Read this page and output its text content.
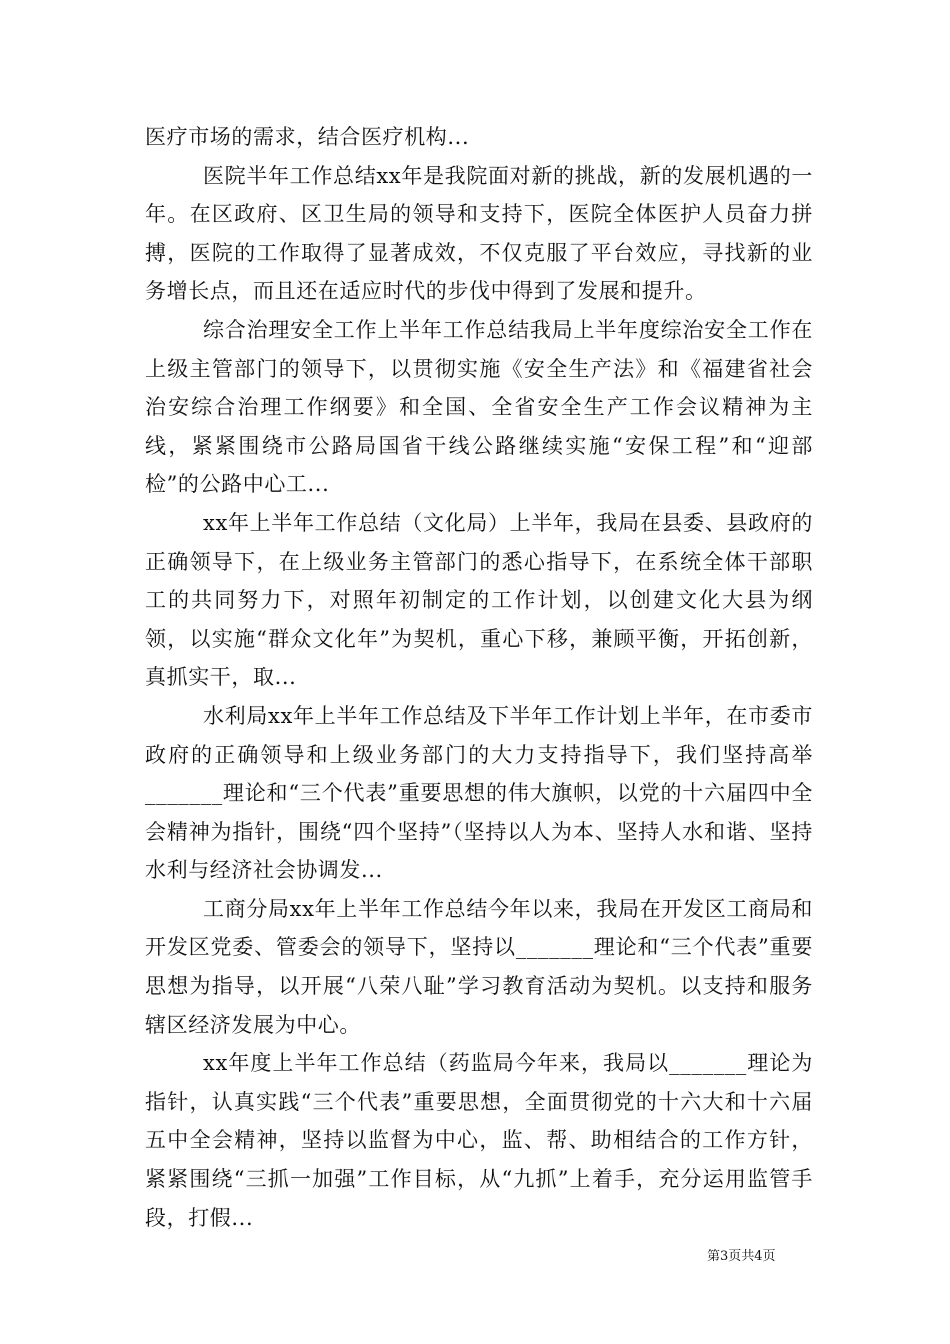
医疗市场的需求，结合医疗机构...

医院半年工作总结xx年是我院面对新的挑战，新的发展机遇的一年。在区政府、区卫生局的领导和支持下，医院全体医护人员奋力拼搏，医院的工作取得了显著成效，不仅克服了平台效应，寻找新的业务增长点，而且还在适应时代的步伐中得到了发展和提升。

综合治理安全工作上半年工作总结我局上半年度综治安全工作在上级主管部门的领导下，以贯彻实施《安全生产法》和《福建省社会治安综合治理工作纲要》和全国、全省安全生产工作会议精神为主线，紧紧围绕市公路局国省干线公路继续实施“安保工程”和“迎部检”的公路中心工...

xx年上半年工作总结（文化局）上半年，我局在县委、县政府的正确领导下，在上级业务主管部门的悉心指导下，在系统全体干部职工的共同努力下，对照年初制定的工作计划，以创建文化大县为纲领，以实施“群众文化年”为契机，重心下移，兼顾平衡，开拓创新，真抓实干，取...

水利局xx年上半年工作总结及下半年工作计划上半年，在市委市政府的正确领导和上级业务部门的大力支持指导下，我们坚持高举_______理论和“三个代表”重要思想的伟大旗帜，以党的十六届四中全会精神为指针，围绕“四个坚持”（坚持以人为本、坚持人水和谐、坚持水利与经济社会协调发...

工商分局xx年上半年工作总结今年以来，我局在开发区工商局和开发区党委、管委会的领导下，坚持以_______理论和“三个代表”重要思想为指导，以开展“八荣八耻”学习教育活动为契机。以支持和服务辖区经济发展为中心。

xx年度上半年工作总结（药监局今年来，我局以_______理论为指针，认真实践“三个代表”重要思想，全面贯彻党的十六大和十六届五中全会精神，坚持以监督为中心，监、帮、助相结合的工作方针，紧紧围绕“三抓一加强”工作目标，从“九抓”上着手，充分运用监管手段，打假...

第3页共4页
